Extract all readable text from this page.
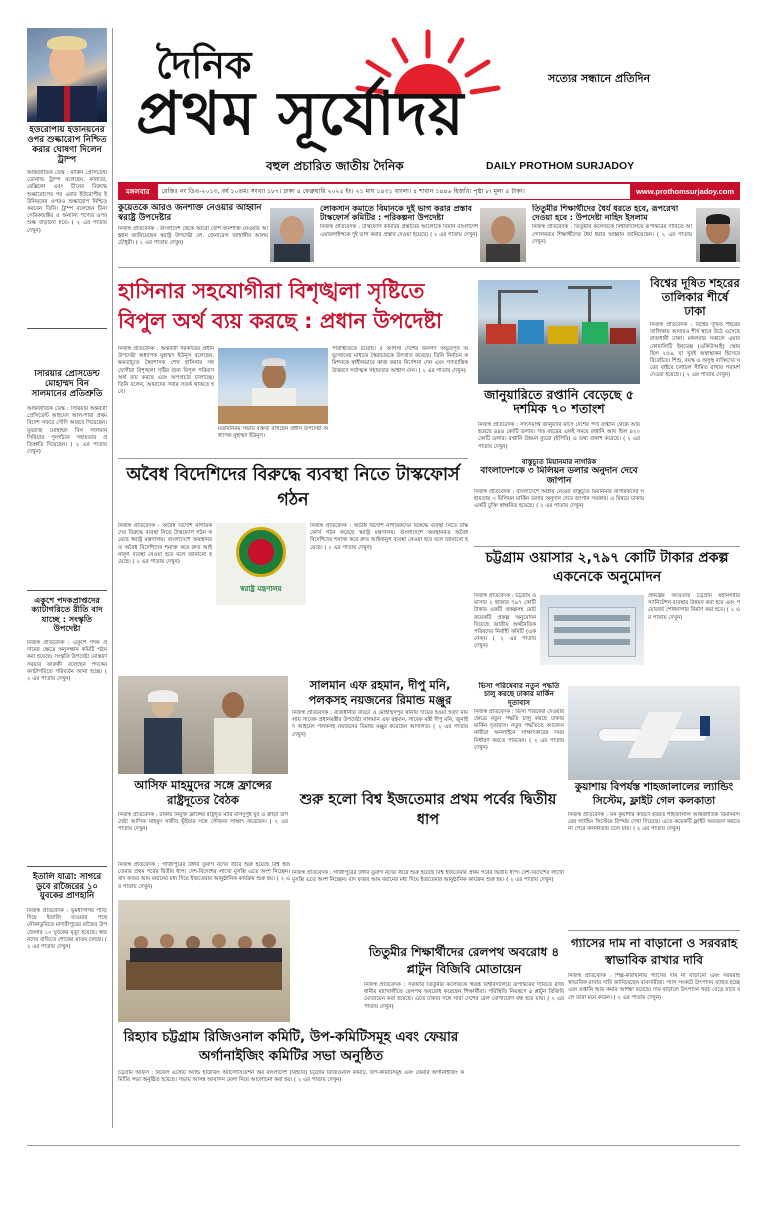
ইউরোপীয় ইউনিয়নের ওপর শুল্কারোপ নিশ্চিত করার ঘোষণা দিলেন ট্রাম্প
আন্তর্জাতিক ডেস্ক : মার্কিন প্রেসিডেন্ট ডোনাল্ড ট্রাম্প বলেছেন, কানাডা, মেক্সিকো এবং চীনের বিরুদ্ধে শুল্কারোপের পর এবার ইউরোপীয় ইউনিয়নের ওপরও শুল্কারোপ নিশ্চিত করবেন তিনি। ট্রাম্প বলেছেন চীনা সেমিকন্ডাক্টর ও অন্যান্য পণ্যের ওপর শুল্ক বাড়ানো হবে। ( ২ এর পাতায় দেখুন)
সিরিয়ার প্রেসিডেন্ট মোহাম্মদ বিন সালমানের প্রতিশ্রুতি
আন্তর্জাতিক ডেস্ক : সিরিয়ার অন্তর্বর্তী প্রেসিডেন্ট আহমেদ আল-শারা প্রথম বিদেশ সফরে সৌদি আরবে গিয়েছেন। যুবরাজ মোহাম্মদ বিন সালমান সিরিয়ার পুনর্গঠনে সহায়তার প্রতিশ্রুতি দিয়েছেন। ( ২ এর পাতায় দেখুন)
একুশে পদকপ্রাপ্তদের ক্যাটাগরিতে রীতি বাদ যাচ্ছে : সংস্কৃতি উপদেষ্টা
নিজস্ব প্রতিবেদক : একুশে পদক প্রদানের ক্ষেত্রে অনুসন্ধান কমিটি গঠন করা হয়েছে। সংস্কৃতি উপদেষ্টা মোস্তফা সরয়ার ফারুকী বলেছেন পদকের ক্যাটাগরিতে পরিবর্তন আনা হচ্ছে। ( ২ এর পাতায় দেখুন)
ইতালি যাত্রা: সাগরে ডুবে রাজৈরের ১০ যুবকের প্রাণহানি
নিজস্ব প্রতিবেদক : ভূমধ্যসাগর পাড়ি দিয়ে ইতালি যাওয়ার পথে নৌকাডুবিতে মাদারীপুরের রাজৈর উপজেলার ১০ যুবকের মৃত্যু হয়েছে। স্বজনদের বাড়িতে শোকের মাতম চলছে। ( ২ এর পাতায় দেখুন)
দৈনিক	সত্যের সন্ধানে প্রতিদিন
প্রথম সূর্যোদয়
বহুল প্রচারিত জাতীয় দৈনিক	DAILY PROTHOM SURJADOY
মঙ্গলবার	রেজিঃ নং ডিএ-২০১৩, বর্ষ ১০তম। সংখ্যা ১৮৭। ঢাকা ৪ ফেব্রুয়ারি ২০২৫ ইং। ২১ মাঘ ১৪৩১ বাংলা। ৪ শাবান ১৪৪৬ হিজরি। পৃষ্ঠা ৮। মূল্য ৫ টাকা।	www.prothomsurjadoy.com
কুয়েতকে আরও জনশক্তি নেওয়ার আহ্বান স্বরাষ্ট্র উপদেষ্টার
নিজস্ব প্রতিবেদক : বাংলাদেশ থেকে আরো বেশি জনশক্তি নেওয়ার আহ্বান জানিয়েছেন স্বরাষ্ট্র উপদেষ্টা লে. জেনারেল জাহাঙ্গীর আলম চৌধুরী। ( ২ এর পাতায় দেখুন)
লোকসান কমাতে বিমানকে দুই ভাগ করার প্রস্তাব টাস্কফোর্স কমিটির : পরিকল্পনা উপদেষ্টা
নিজস্ব প্রতিবেদক : টাস্কফোর্স কমিটির প্রস্তাবের আলোকে বিমান বাংলাদেশ এয়ারলাইন্সকে দুই ভাগ করার প্রস্তাব দেওয়া হয়েছে। ( ২ এর পাতায় দেখুন)
তিতুমীর শিক্ষার্থীদের ধৈর্য ধরতে হবে, রূপরেখা দেওয়া হবে : উপদেষ্টা নাহিদ ইসলাম
নিজস্ব প্রতিবেদক : তিতুমীর কলেজকে বিশ্ববিদ্যালয়ে রূপান্তরের দাবিতে আন্দোলনরত শিক্ষার্থীদের ধৈর্য ধরার আহ্বান জানিয়েছেন। ( ২ এর পাতায় দেখুন)
হাসিনার সহযোগীরা বিশৃঙ্খলা সৃষ্টিতে বিপুল অর্থ ব্যয় করছে : প্রধান উপদেষ্টা
নিজস্ব প্রতিবেদক : অন্তর্বর্তী সরকারের প্রধান উপদেষ্টা অধ্যাপক মুহাম্মদ ইউনূস বলেছেন, ক্ষমতাচ্যুত স্বৈরশাসক শেখ হাসিনার সহযোগীরা বিশৃঙ্খলা সৃষ্টির জন্য বিপুল পরিমাণ অর্থ ব্যয় করছে এবং অপপ্রচার চালাচ্ছে। তিনি বলেন, আমাদের সবার সতর্ক থাকতে হবে।
মতবিনিময় সভায় বক্তব্য রাখছেন প্রধান উপদেষ্টা অধ্যাপক মুহাম্মদ ইউনূস।
পরিস্থিতিতে রয়েছি। ৫ আগস্ট দেশের জনগণ অভূতপূর্ব অভ্যুত্থানের মাধ্যমে স্বৈরাচারকে উৎখাত করেছে। তিনি নির্বাচন কমিশনকে স্বাধীনভাবে কাজ করার নির্দেশনা দেন এবং গণতান্ত্রিক উত্তরণে সর্বাত্মক সহায়তার আশ্বাস দেন। ( ২ এর পাতায় দেখুন)
জানুয়ারিতে রপ্তানি বেড়েছে ৫ দশমিক ৭০ শতাংশ
নিজস্ব প্রতিবেদক : সদ্যসমাপ্ত জানুয়ারি মাসে দেশের পণ্য রপ্তানি থেকে আয় হয়েছে ৪৪৪ কোটি ডলার। গত বছরের একই সময়ে রপ্তানি আয় ছিল ৪২০ কোটি ডলার। রপ্তানি উন্নয়ন ব্যুরো (ইপিবি) এ তথ্য প্রকাশ করেছে। ( ২ এর পাতায় দেখুন)
বিশ্বের দূষিত শহরের তালিকার শীর্ষে ঢাকা
নিজস্ব প্রতিবেদক : বিশ্বের দূষিত শহরের তালিকায় আবারও শীর্ষ স্থানে উঠে এসেছে রাজধানী ঢাকা। মঙ্গলবার সকালে এয়ার কোয়ালিটি ইনডেক্স (একিউআই) স্কোর ছিল ২৫৬, যা খুবই অস্বাস্থ্যকর হিসেবে বিবেচিত। শিশু, বয়স্ক ও অসুস্থ ব্যক্তিদের ঘরের বাইরে চলাচল সীমিত রাখার পরামর্শ দেওয়া হয়েছে। ( ২ এর পাতায় দেখুন)
অবৈধ বিদেশিদের বিরুদ্ধে ব্যবস্থা নিতে টাস্কফোর্স গঠন
নিজস্ব প্রতিবেদক : অবৈধ বিদেশি নাগরিকদের বিরুদ্ধে ব্যবস্থা নিতে টাস্কফোর্স গঠন করেছে স্বরাষ্ট্র মন্ত্রণালয়। বাংলাদেশে অবস্থানরত অবৈধ বিদেশিদের শনাক্ত করে দ্রুত আইনানুগ ব্যবস্থা নেওয়া হবে বলে জানানো হয়েছে। ( ২ এর পাতায় দেখুন)
স্বরাষ্ট্র মন্ত্রণালয়
নিজস্ব প্রতিবেদক : অবৈধ বিদেশি নাগরিকদের বিরুদ্ধে ব্যবস্থা নিতে টাস্কফোর্স গঠন করেছে স্বরাষ্ট্র মন্ত্রণালয়। বাংলাদেশে অবস্থানরত অবৈধ বিদেশিদের শনাক্ত করে দ্রুত আইনানুগ ব্যবস্থা নেওয়া হবে বলে জানানো হয়েছে। ( ২ এর পাতায় দেখুন)
বাস্তুচ্যুত মিয়ানমার নাগরিক
বাংলাদেশকে ৩ মিলিয়ন ডলার অনুদান দেবে জাপান
নিজস্ব প্রতিবেদক : বাংলাদেশে আশ্রয় নেওয়া বাস্তুচ্যুত মিয়ানমার নাগরিকদের সহায়তায় ৩ মিলিয়ন মার্কিন ডলার অনুদান দেবে জাপান সরকার। এ বিষয়ে ঢাকায় একটি চুক্তি স্বাক্ষরিত হয়েছে। ( ২ এর পাতায় দেখুন)
চট্টগ্রাম ওয়াসার ২,৭৯৭ কোটি টাকার প্রকল্প একনেকে অনুমোদন
নিজস্ব প্রতিবেদক : চট্টগ্রাম ওয়াসার ২ হাজার ৭৯৭ কোটি টাকার একটি প্রকল্পসহ মোট কয়েকটি প্রকল্প অনুমোদন দিয়েছে জাতীয় অর্থনৈতিক পরিষদের নির্বাহী কমিটি (একনেক)। ( ২ এর পাতায় দেখুন)
প্রকল্পের আওতায় চট্টগ্রাম মহানগরীর স্যানিটেশন ব্যবস্থার উন্নয়ন করা হবে এবং পয়োবর্জ্য শোধনাগার নির্মাণ করা হবে। ( ২ এর পাতায় দেখুন)
সালমান এফ রহমান, দীপু মনি, পলকসহ নয়জনের রিমান্ড মঞ্জুর
নিজস্ব প্রতিবেদক : রাজধানীর বাড্ডা ও মোহাম্মদপুর থানায় দায়ের হওয়া হত্যা মামলায় সাবেক প্রধানমন্ত্রীর উপদেষ্টা সালমান এফ রহমান, সাবেক মন্ত্রী দীপু মনি, জুনাইদ আহমেদ পলকসহ নয়জনের রিমান্ড মঞ্জুর করেছেন আদালত। ( ২ এর পাতায় দেখুন)
আসিফ মাহমুদের সঙ্গে ফ্রান্সের রাষ্ট্রদূতের বৈঠক
নিজস্ব প্রতিবেদক : ঢাকায় নিযুক্ত ফ্রান্সের রাষ্ট্রদূত মারি মাসদুপুই যুব ও ক্রীড়া উপদেষ্টা আসিফ মাহমুদ সজীব ভূঁইয়ার সঙ্গে সৌজন্য সাক্ষাৎ করেছেন। ( ২ এর পাতায় দেখুন)
ভিসা পরিষেবার নতুন পদ্ধতি চালু করছে ঢাকার মার্কিন দূতাবাস
নিজস্ব প্রতিবেদক : ভিসা পরিষেবা দেওয়ার ক্ষেত্রে নতুন পদ্ধতি চালু করছে ঢাকার মার্কিন দূতাবাস। নতুন পদ্ধতিতে আবেদনকারীরা অনলাইনে সাক্ষাৎকারের সময় নির্ধারণ করতে পারবেন। ( ২ এর পাতায় দেখুন)
কুয়াশায় বিপর্যস্ত শাহজালালের ল্যান্ডিং সিস্টেম, ফ্লাইট গেল কলকাতা
নিজস্ব প্রতিবেদক : ঘন কুয়াশার কারণে হযরত শাহজালাল আন্তর্জাতিক বিমানবন্দরের ল্যান্ডিং সিস্টেমে বিপর্যয় দেখা দিয়েছে। এতে কয়েকটি ফ্লাইট অবতরণ করতে না পেরে কলকাতায় চলে যায়। ( ২ এর পাতায় দেখুন)
শুরু হলো বিশ্ব ইজতেমার প্রথম পর্বের দ্বিতীয় ধাপ
নিজস্ব প্রতিবেদক : গাজীপুরের টঙ্গীর তুরাগ নদের তীরে শুরু হয়েছে বিশ্ব ইজতেমার প্রথম পর্বের দ্বিতীয় ধাপ। দেশ-বিদেশের লাখো মুসল্লি এতে অংশ নিচ্ছেন। বাদ ফজর আম বয়ানের মধ্য দিয়ে ইজতেমার আনুষ্ঠানিক কার্যক্রম শুরু হয়। ( ২ এর পাতায় দেখুন)
গ্যাসের দাম না বাড়ানো ও সরবরাহ স্বাভাবিক রাখার দাবি
নিজস্ব প্রতিবেদক : শিল্প-কারখানায় গ্যাসের দাম না বাড়ানো এবং সরবরাহ স্বাভাবিক রাখার দাবি জানিয়েছেন ব্যবসায়ীরা। গ্যাস সংকটে উৎপাদন ব্যাহত হচ্ছে এবং রপ্তানি আয় কমার আশঙ্কা রয়েছে। দাম বাড়ালে উৎপাদন খরচ বেড়ে যাবে বলে তারা মনে করেন। ( ২ এর পাতায় দেখুন)
নিজস্ব প্রতিবেদক : গাজীপুরের টঙ্গীর তুরাগ নদের তীরে শুরু হয়েছে বিশ্ব ইজতেমার প্রথম পর্বের দ্বিতীয় ধাপ। দেশ-বিদেশের লাখো মুসল্লি এতে অংশ নিচ্ছেন। বাদ ফজর আম বয়ানের মধ্য দিয়ে ইজতেমার আনুষ্ঠানিক কার্যক্রম শুরু হয়। ( ২ এর পাতায় দেখুন)
রিহ্যাব চট্টগ্রাম রিজিওনাল কমিটি, উপ-কমিটিসমূহ এবং ফেয়ার অর্গানাইজিং কমিটির সভা অনুষ্ঠিত
চট্টগ্রাম অফিস : রিয়েল এস্টেট অ্যান্ড হাউজিং অ্যাসোসিয়েশন অব বাংলাদেশ (রিহ্যাব) চট্টগ্রাম রিজিওনাল কমিটি, উপ-কমিটিসমূহ এবং ফেয়ার অর্গানাইজিং কমিটির সভা অনুষ্ঠিত হয়েছে। সভায় আসন্ন আবাসন মেলা নিয়ে আলোচনা করা হয়। ( ২ এর পাতায় দেখুন)
তিতুমীর শিক্ষার্থীদের রেলপথ অবরোধ ৪ প্লাটুন বিজিবি মোতায়েন
নিজস্ব প্রতিবেদক : সরকারি তিতুমীর কলেজকে স্বতন্ত্র বিশ্ববিদ্যালয়ে রূপান্তরের দাবিতে রাজধানীর মহাখালীতে রেলপথ অবরোধ করেছেন শিক্ষার্থীরা। পরিস্থিতি নিয়ন্ত্রণে ৪ প্লাটুন বিজিবি মোতায়েন করা হয়েছে। এতে ঢাকার সঙ্গে সারা দেশের রেল যোগাযোগ বন্ধ হয়ে যায়। ( ২ এর পাতায় দেখুন)
